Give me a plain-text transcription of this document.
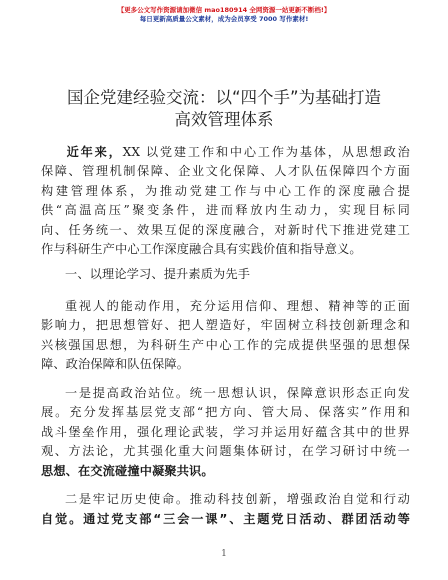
【更多公文写作资源请加微信 mao180914 全网资源一站更新不断档!】
每日更新高质量公文素材，成为会员享受 7000 写作素材!
国企党建经验交流：以“四个手”为基础打造
高效管理体系
近年来，XX 以党建工作和中心工作为基体，从思想政治
保障、管理机制保障、企业文化保障、人才队伍保障四个方面
构建管理体系，为推动党建工作与中心工作的深度融合提
供“高温高压”聚变条件，进而释放内生动力，实现目标同
向、任务统一、效果互促的深度融合，对新时代下推进党建工
作与科研生产中心工作深度融合具有实践价值和指导意义。
一、以理论学习、提升素质为先手
重视人的能动作用，充分运用信仰、理想、精神等的正面
影响力，把思想管好、把人塑造好，牢固树立科技创新理念和
兴核强国思想，为科研生产中心工作的完成提供坚强的思想保
障、政治保障和队伍保障。
一是提高政治站位。统一思想认识，保障意识形态正向发
展。充分发挥基层党支部“把方向、管大局、保落实”作用和
战斗堡垒作用，强化理论武装，学习并运用好蕴含其中的世界
观、方法论，尤其强化重大问题集体研讨，在学习研讨中统一
思想、在交流碰撞中凝聚共识。
二是牢记历史使命。推动科技创新，增强政治自觉和行动
自觉。通过党支部“三会一课”、主题党日活动、群团活动等
1
